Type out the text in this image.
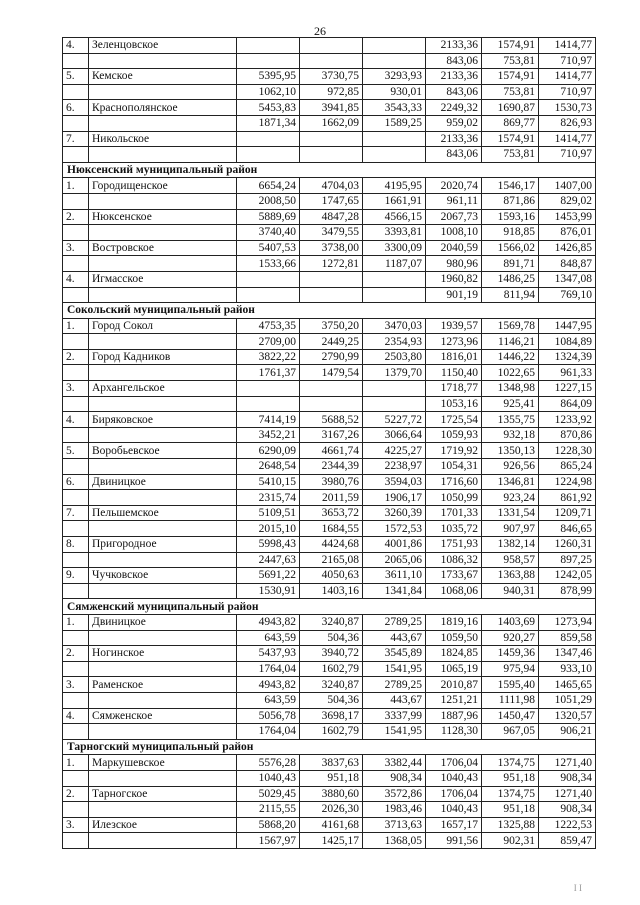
26
4.	Зеленцовское				2133,36	1574,91	1414,77
					843,06	753,81	710,97
5.	Кемское	5395,95	3730,75	3293,93	2133,36	1574,91	1414,77
		1062,10	972,85	930,01	843,06	753,81	710,97
6.	Краснополянское	5453,83	3941,85	3543,33	2249,32	1690,87	1530,73
		1871,34	1662,09	1589,25	959,02	869,77	826,93
7.	Никольское				2133,36	1574,91	1414,77
					843,06	753,81	710,97
Нюксенский муниципальный район							
1.	Городищенское	6654,24	4704,03	4195,95	2020,74	1546,17	1407,00
		2008,50	1747,65	1661,91	961,11	871,86	829,02
2.	Нюксенское	5889,69	4847,28	4566,15	2067,73	1593,16	1453,99
		3740,40	3479,55	3393,81	1008,10	918,85	876,01
3.	Востровское	5407,53	3738,00	3300,09	2040,59	1566,02	1426,85
		1533,66	1272,81	1187,07	980,96	891,71	848,87
4.	Игмасское				1960,82	1486,25	1347,08
					901,19	811,94	769,10
Сокольский муниципальный район							
1.	Город Сокол	4753,35	3750,20	3470,03	1939,57	1569,78	1447,95
		2709,00	2449,25	2354,93	1273,96	1146,21	1084,89
2.	Город Кадников	3822,22	2790,99	2503,80	1816,01	1446,22	1324,39
		1761,37	1479,54	1379,70	1150,40	1022,65	961,33
3.	Архангельское				1718,77	1348,98	1227,15
					1053,16	925,41	864,09
4.	Биряковское	7414,19	5688,52	5227,72	1725,54	1355,75	1233,92
		3452,21	3167,26	3066,64	1059,93	932,18	870,86
5.	Воробьевское	6290,09	4661,74	4225,27	1719,92	1350,13	1228,30
		2648,54	2344,39	2238,97	1054,31	926,56	865,24
6.	Двиницкое	5410,15	3980,76	3594,03	1716,60	1346,81	1224,98
		2315,74	2011,59	1906,17	1050,99	923,24	861,92
7.	Пельшемское	5109,51	3653,72	3260,39	1701,33	1331,54	1209,71
		2015,10	1684,55	1572,53	1035,72	907,97	846,65
8.	Пригородное	5998,43	4424,68	4001,86	1751,93	1382,14	1260,31
		2447,63	2165,08	2065,06	1086,32	958,57	897,25
9.	Чучковское	5691,22	4050,63	3611,10	1733,67	1363,88	1242,05
		1530,91	1403,16	1341,84	1068,06	940,31	878,99
Сямженский муниципальный район							
1.	Двиницкое	4943,82	3240,87	2789,25	1819,16	1403,69	1273,94
		643,59	504,36	443,67	1059,50	920,27	859,58
2.	Ногинское	5437,93	3940,72	3545,89	1824,85	1459,36	1347,46
		1764,04	1602,79	1541,95	1065,19	975,94	933,10
3.	Раменское	4943,82	3240,87	2789,25	2010,87	1595,40	1465,65
		643,59	504,36	443,67	1251,21	1111,98	1051,29
4.	Сямженское	5056,78	3698,17	3337,99	1887,96	1450,47	1320,57
		1764,04	1602,79	1541,95	1128,30	967,05	906,21
Тарногский муниципальный район							
1.	Маркушевское	5576,28	3837,63	3382,44	1706,04	1374,75	1271,40
		1040,43	951,18	908,34	1040,43	951,18	908,34
2.	Тарногское	5029,45	3880,60	3572,86	1706,04	1374,75	1271,40
		2115,55	2026,30	1983,46	1040,43	951,18	908,34
3.	Илезское	5868,20	4161,68	3713,63	1657,17	1325,88	1222,53
		1567,97	1425,17	1368,05	991,56	902,31	859,47
I I
